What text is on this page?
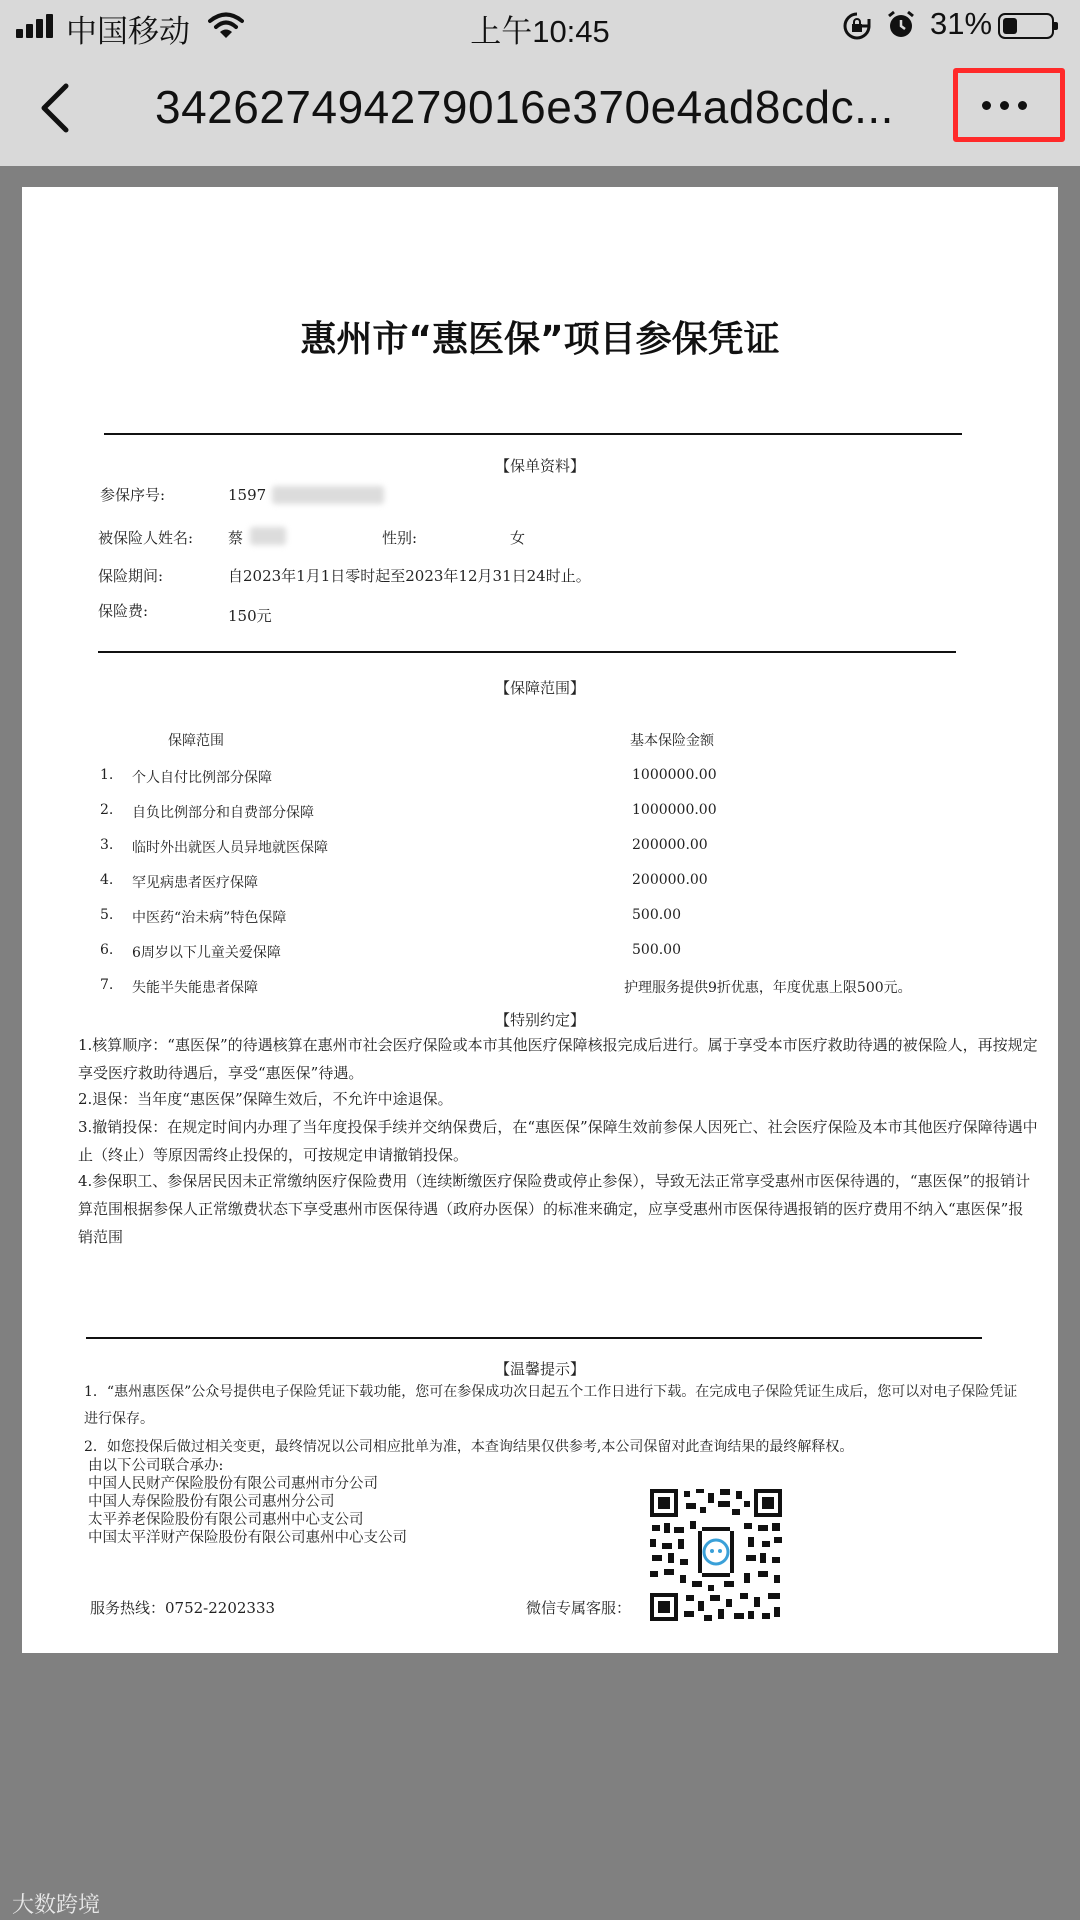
中国移动	上午10:45	31%
342627494279016e370e4ad8cdc...
惠州市“惠医保”项目参保凭证
【保单资料】
参保序号:	1597
被保险人姓名: 蔡	性别:	女
保险期间:	自2023年1月1日零时起至2023年12月31日24时止。
保险费:	150元
【保障范围】
保障范围	基本保险金额
1. 个人自付比例部分保障	1000000.00
2. 自负比例部分和自费部分保障	1000000.00
3. 临时外出就医人员异地就医保障	200000.00
4. 罕见病患者医疗保障	200000.00
5. 中医药“治未病”特色保障	500.00
6. 6周岁以下儿童关爱保障	500.00
7. 失能半失能患者保障	护理服务提供9折优惠，年度优惠上限500元。
【特别约定】
1.核算顺序：“惠医保”的待遇核算在惠州市社会医疗保险或本市其他医疗保障核报完成后进行。属于享受本市医疗救助待遇的被保险人，再按规定享受医疗救助待遇后，享受“惠医保”待遇。
2.退保：当年度“惠医保”保障生效后，不允许中途退保。
3.撤销投保：在规定时间内办理了当年度投保手续并交纳保费后，在“惠医保”保障生效前参保人因死亡、社会医疗保险及本市其他医疗保障待遇中止（终止）等原因需终止投保的，可按规定申请撤销投保。
4.参保职工、参保居民因未正常缴纳医疗保险费用（连续断缴医疗保险费或停止参保），导致无法正常享受惠州市医保待遇的，“惠医保”的报销计算范围根据参保人正常缴费状态下享受惠州市医保待遇（政府办医保）的标准来确定，应享受惠州市医保待遇报销的医疗费用不纳入“惠医保”报销范围
【温馨提示】
1．“惠州惠医保”公众号提供电子保险凭证下载功能，您可在参保成功次日起五个工作日进行下载。在完成电子保险凭证生成后，您可以对电子保险凭证进行保存。
2．如您投保后做过相关变更，最终情况以公司相应批单为准，本查询结果仅供参考,本公司保留对此查询结果的最终解释权。
由以下公司联合承办:
中国人民财产保险股份有限公司惠州市分公司
中国人寿保险股份有限公司惠州分公司
太平养老保险股份有限公司惠州中心支公司
中国太平洋财产保险股份有限公司惠州中心支公司
服务热线：0752-2202333	微信专属客服：
大数跨境
